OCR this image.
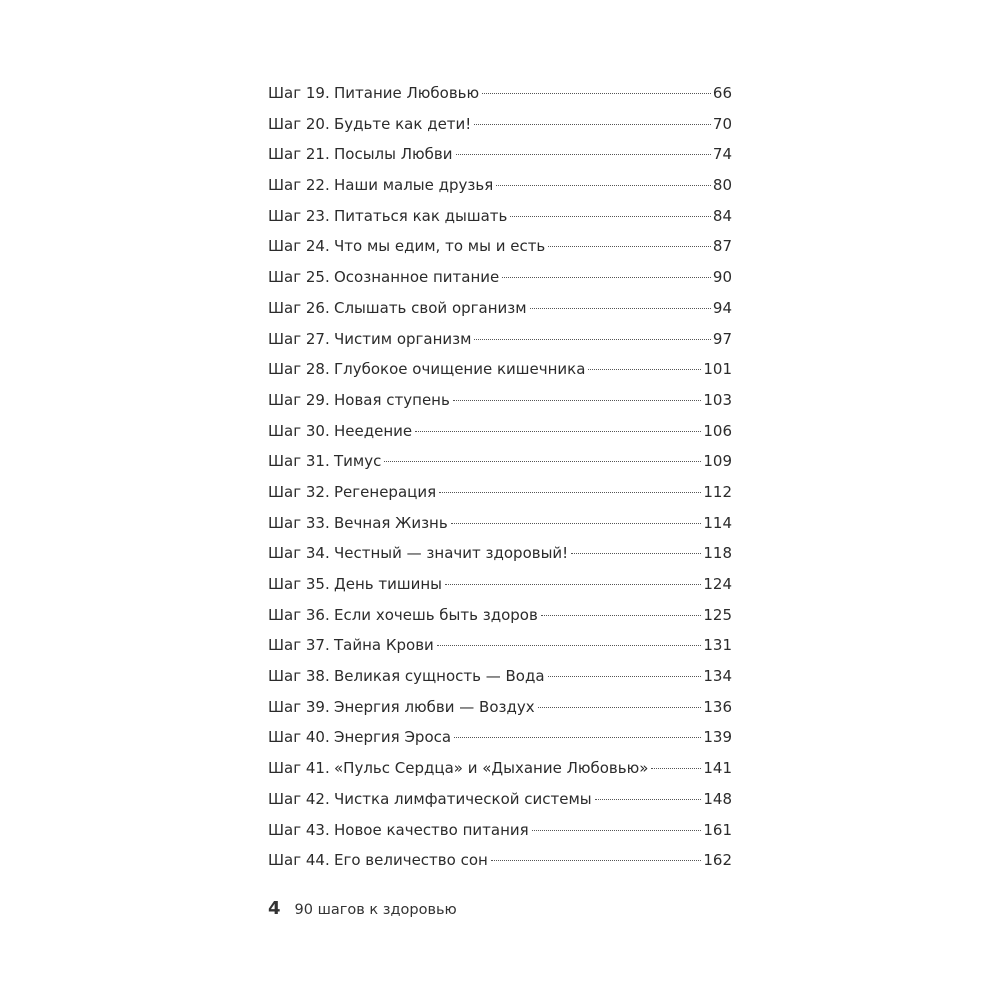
Шаг 19. Питание Любовью	66
Шаг 20. Будьте как дети!	70
Шаг 21. Посылы Любви	74
Шаг 22. Наши малые друзья	80
Шаг 23. Питаться как дышать	84
Шаг 24. Что мы едим, то мы и есть	87
Шаг 25. Осознанное питание	90
Шаг 26. Слышать свой организм	94
Шаг 27. Чистим организм	97
Шаг 28. Глубокое очищение кишечника	101
Шаг 29. Новая ступень	103
Шаг 30. Неедение	106
Шаг 31. Тимус	109
Шаг 32. Регенерация	112
Шаг 33. Вечная Жизнь	114
Шаг 34. Честный — значит здоровый!	118
Шаг 35. День тишины	124
Шаг 36. Если хочешь быть здоров	125
Шаг 37. Тайна Крови	131
Шаг 38. Великая сущность — Вода	134
Шаг 39. Энергия любви — Воздух	136
Шаг 40. Энергия Эроса	139
Шаг 41. «Пульс Сердца» и «Дыхание Любовью»	141
Шаг 42. Чистка лимфатической системы	148
Шаг 43. Новое качество питания	161
Шаг 44. Его величество сон	162
4 90 шагов к здоровью
